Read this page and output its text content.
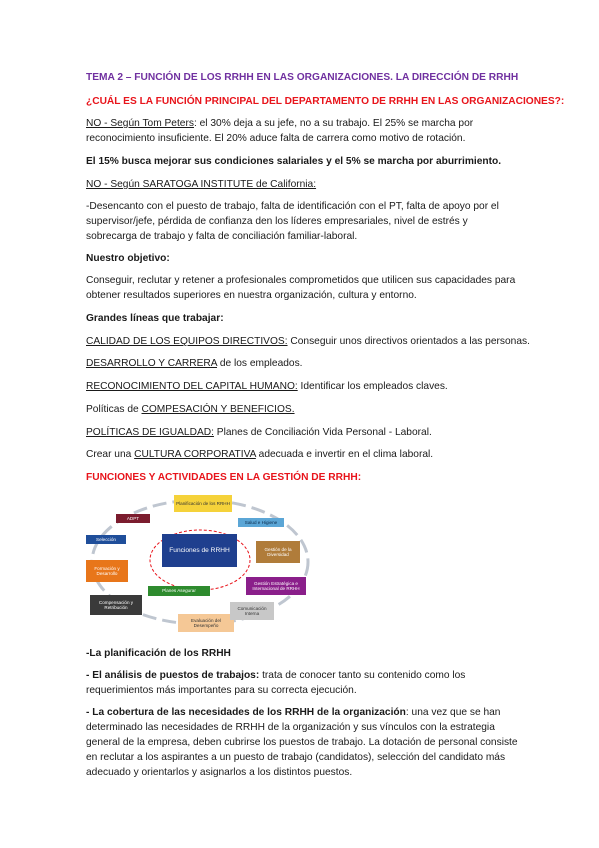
TEMA 2 – FUNCIÓN DE LOS RRHH EN LAS ORGANIZACIONES. LA DIRECCIÓN DE RRHH
¿CUÁL ES LA FUNCIÓN PRINCIPAL DEL DEPARTAMENTO DE RRHH EN LAS ORGANIZACIONES?:
NO - Según Tom Peters: el 30% deja a su jefe, no a su trabajo. El 25% se marcha por
reconocimiento insuficiente. El 20% aduce falta de carrera como motivo de rotación.
El 15% busca mejorar sus condiciones salariales y el 5% se marcha por aburrimiento.
NO - Según SARATOGA INSTITUTE de California:
-Desencanto con el puesto de trabajo, falta de identificación con el PT, falta de apoyo por el
supervisor/jefe, pérdida de confianza den los líderes empresariales, nivel de estrés y
sobrecarga de trabajo y falta de conciliación familiar-laboral.
Nuestro objetivo:
Conseguir, reclutar y retener a profesionales comprometidos que utilicen sus capacidades para
obtener resultados superiores en nuestra organización, cultura y entorno.
Grandes líneas que trabajar:
CALIDAD DE LOS EQUIPOS DIRECTIVOS: Conseguir unos directivos orientados a las personas.
DESARROLLO Y CARRERA de los empleados.
RECONOCIMIENTO DEL CAPITAL HUMANO: Identificar los empleados claves.
Políticas de COMPESACIÓN Y BENEFICIOS.
POLÍTICAS DE IGUALDAD: Planes de Conciliación Vida Personal - Laboral.
Crear una CULTURA CORPORATIVA adecuada e invertir en el clima laboral.
FUNCIONES Y ACTIVIDADES EN LA GESTIÓN DE RRHH:
Funciones de RRHH
Planificación de los RRHH
ADPT
Salud e Higiene
Selección
Gestión de la Diversidad
Formación y Desarrollo
Gestión Estratégica e Internacional de RRHH
Planes Asegurar
Compensación y Retribución
Evaluación del Desempeño
Comunicación Interna
-La planificación de los RRHH
- El análisis de puestos de trabajos: trata de conocer tanto su contenido como los
requerimientos más importantes para su correcta ejecución.
- La cobertura de las necesidades de los RRHH de la organización: una vez que se han
determinado las necesidades de RRHH de la organización y sus vínculos con la estrategia
general de la empresa, deben cubrirse los puestos de trabajo. La dotación de personal consiste
en reclutar a los aspirantes a un puesto de trabajo (candidatos), selección del candidato más
adecuado y orientarlos y asignarlos a los distintos puestos.
